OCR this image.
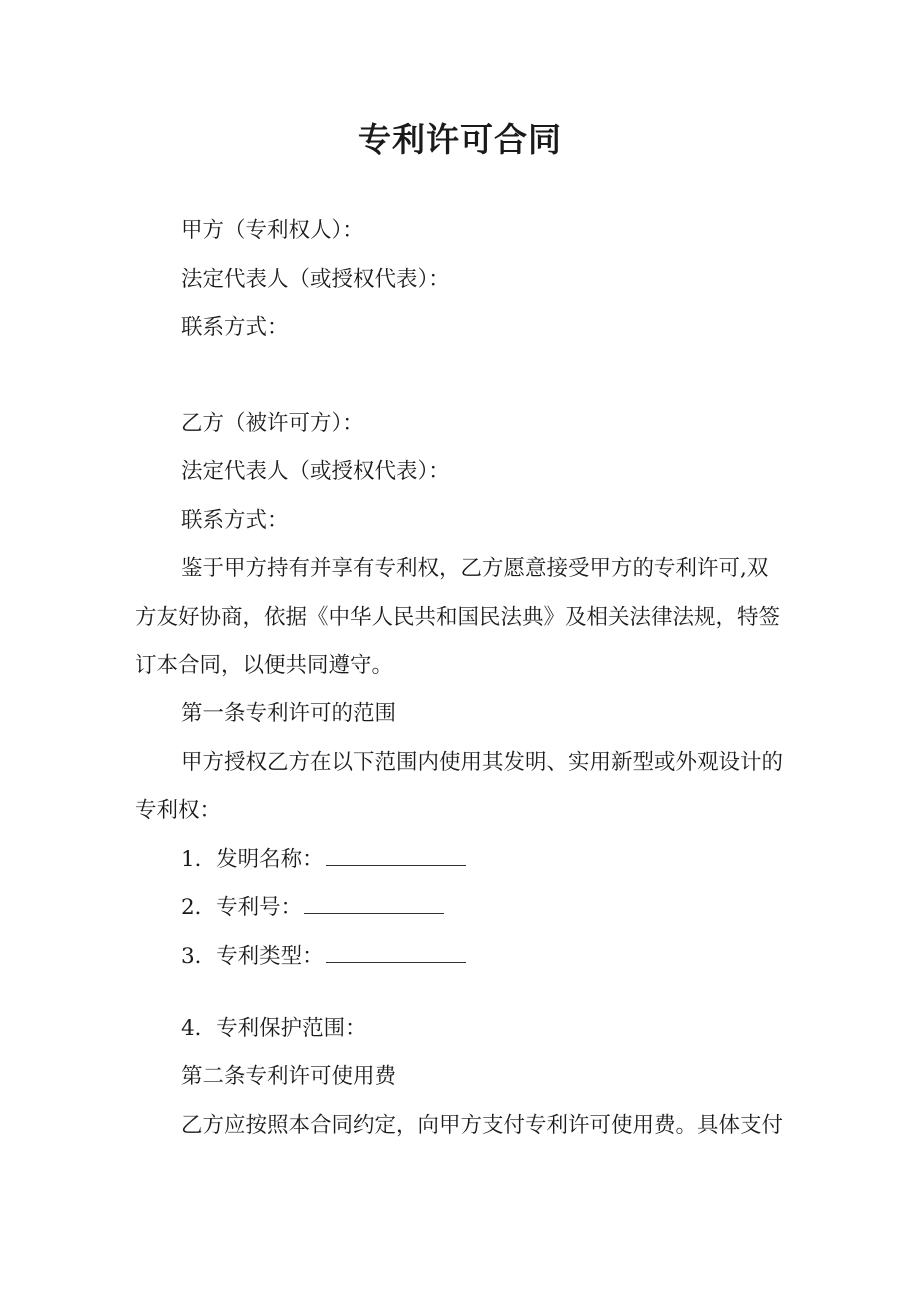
专利许可合同
甲方（专利权人）：
法定代表人（或授权代表）：
联系方式：
乙方（被许可方）：
法定代表人（或授权代表）：
联系方式：
鉴于甲方持有并享有专利权，乙方愿意接受甲方的专利许可,双
方友好协商，依据《中华人民共和国民法典》及相关法律法规，特签
订本合同，以便共同遵守。
第一条专利许可的范围
甲方授权乙方在以下范围内使用其发明、实用新型或外观设计的
专利权：
1．发明名称：
2．专利号：
3．专利类型：
4．专利保护范围：
第二条专利许可使用费
乙方应按照本合同约定，向甲方支付专利许可使用费。具体支付
